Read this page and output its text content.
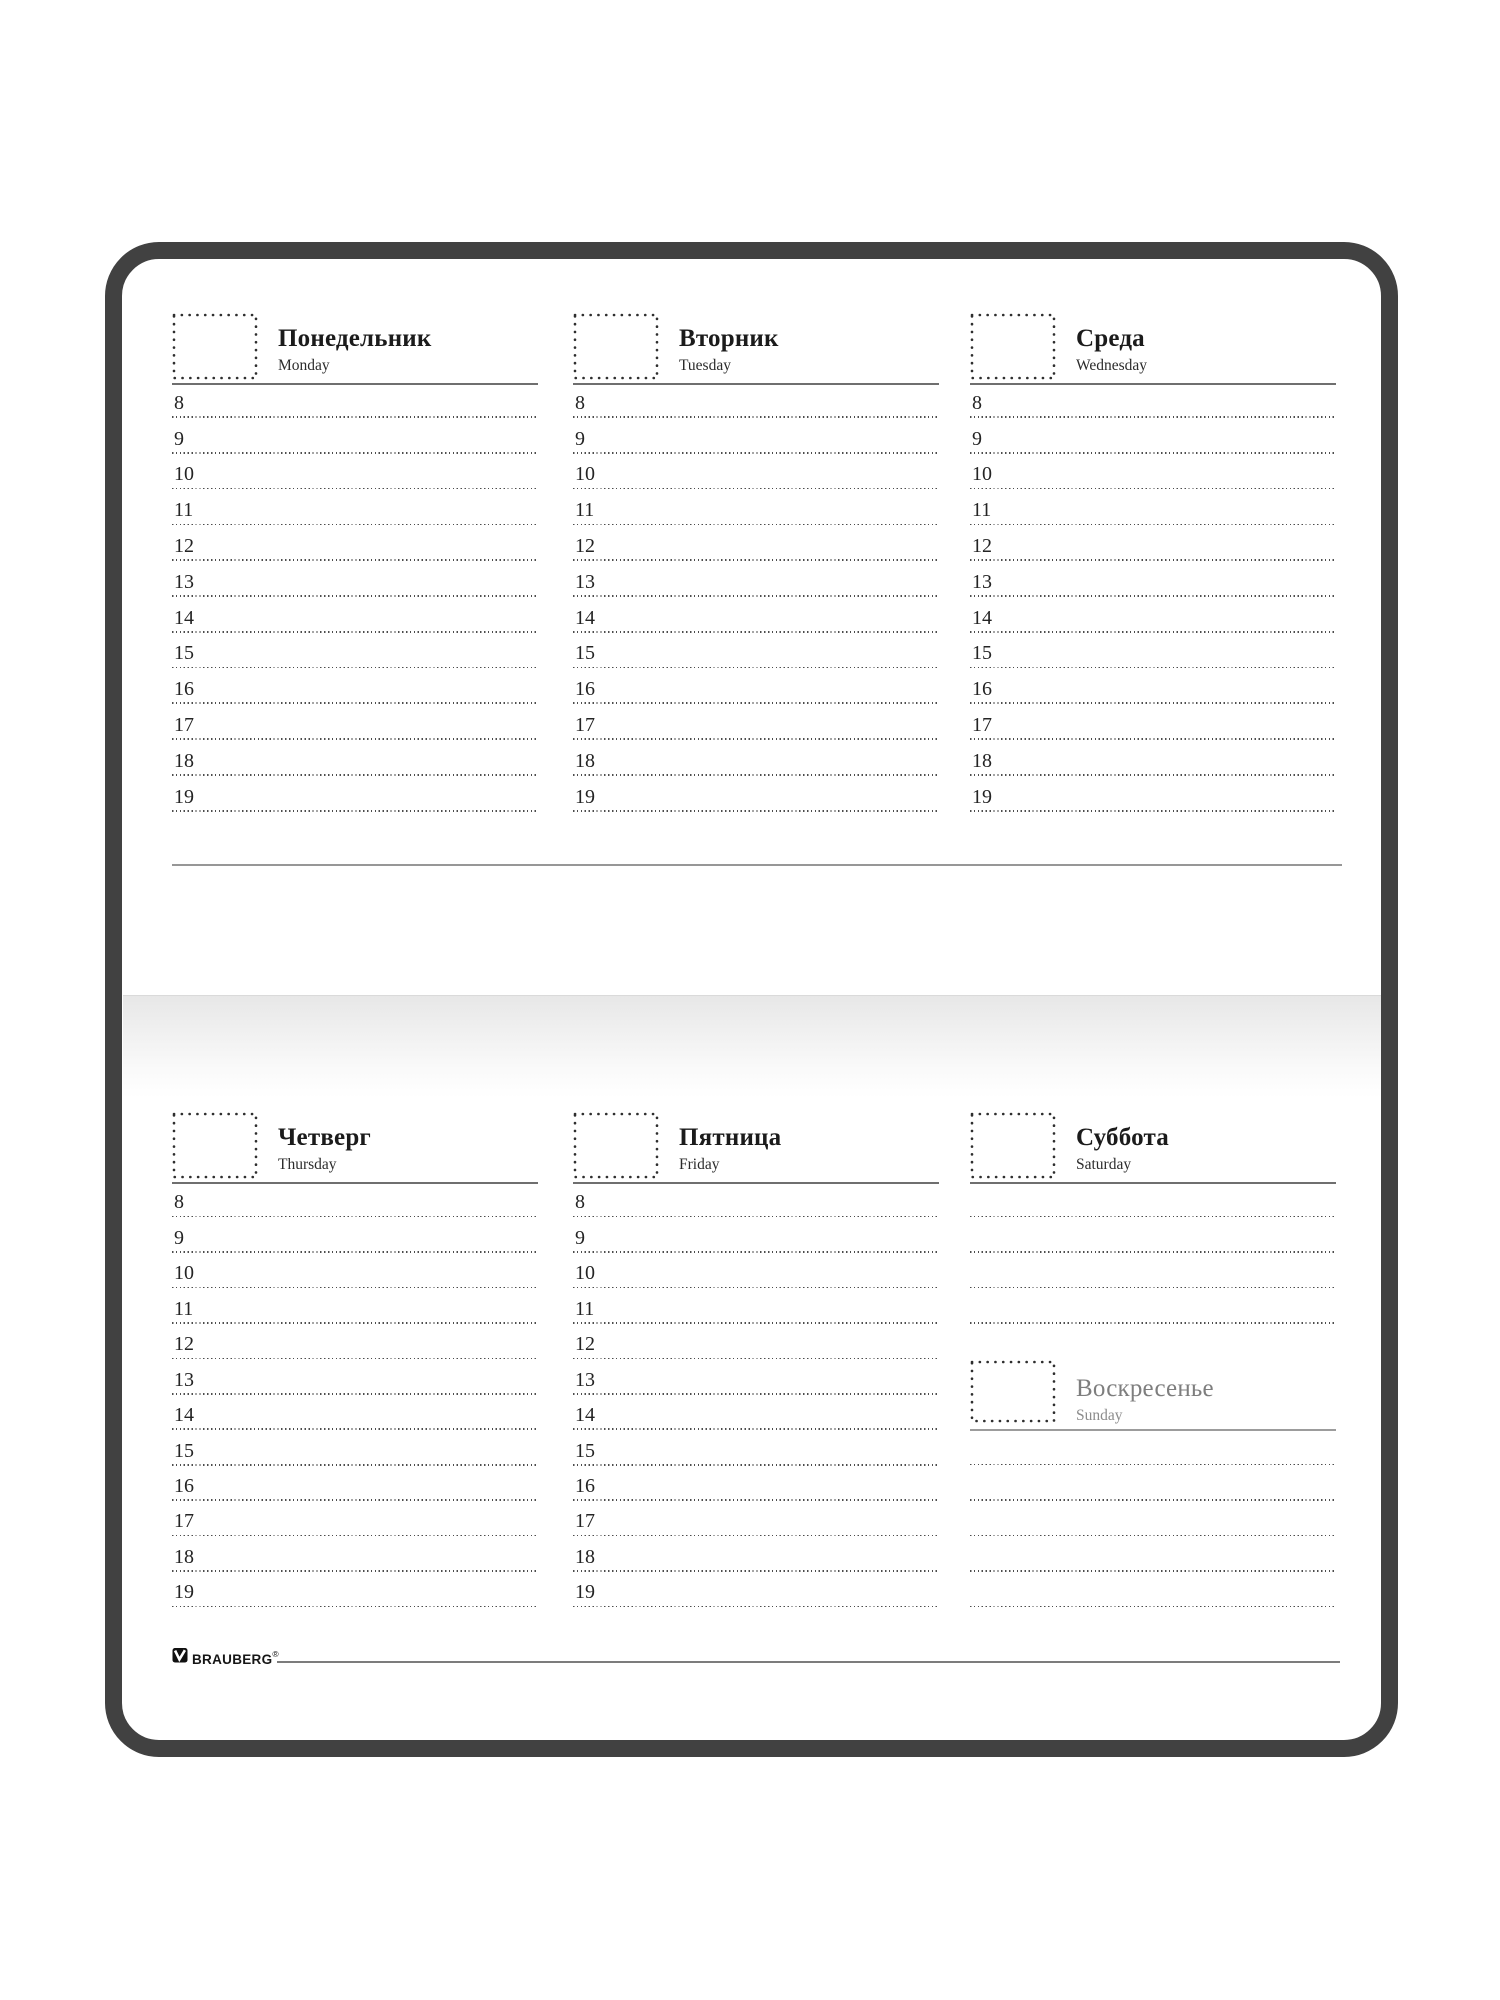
Понедельник
Monday
8
9
10
11
12
13
14
15
16
17
18
19
Вторник
Tuesday
8
9
10
11
12
13
14
15
16
17
18
19
Среда
Wednesday
8
9
10
11
12
13
14
15
16
17
18
19
Четверг
Thursday
8
9
10
11
12
13
14
15
16
17
18
19
Пятница
Friday
8
9
10
11
12
13
14
15
16
17
18
19
Суббота
Saturday
Воскресенье
Sunday
BRAUBERG®
